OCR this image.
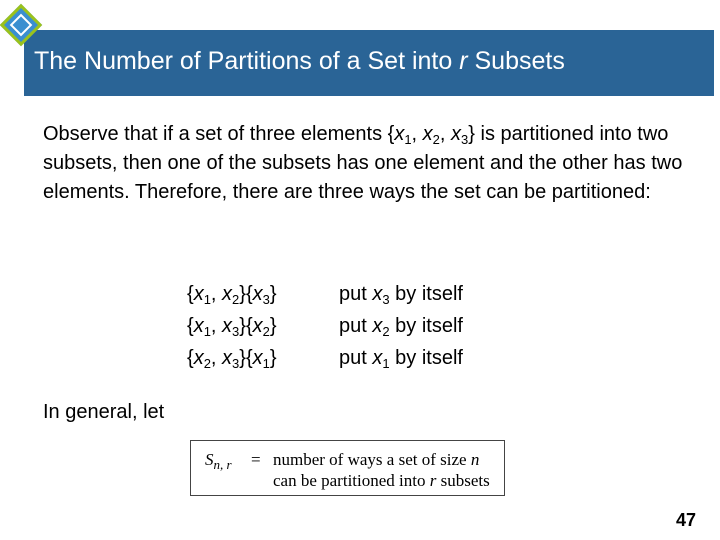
The Number of Partitions of a Set into r Subsets
Observe that if a set of three elements {$x_1$, $x_2$, $x_3$} is partitioned into two subsets, then one of the subsets has one element and the other has two elements. Therefore, there are three ways the set can be partitioned:
{$x_1$, $x_2\}\{x_3\}$	put $x_3$ by itself
{$x_1$, $x_3\}\{x_2\}$	put $x_2$ by itself
{$x_2$, $x_3\}\{x_1\}$	put $x_1$ by itself
In general, let
$S_{n, r}$ = number of ways a set of size n
can be partitioned into r subsets
47
